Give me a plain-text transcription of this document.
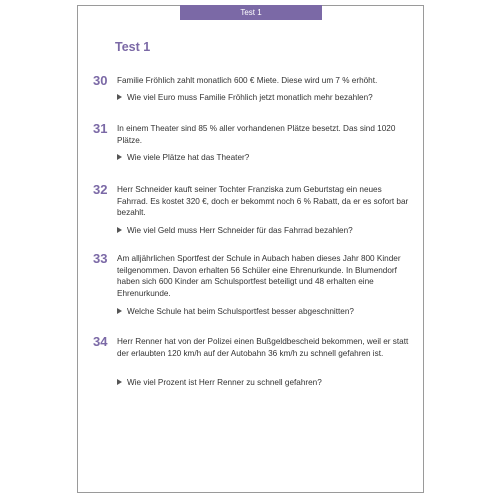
Test 1
Test 1
30 Familie Fröhlich zahlt monatlich 600 € Miete. Diese wird um 7 % erhöht.
Wie viel Euro muss Familie Fröhlich jetzt monatlich mehr bezahlen?
31 In einem Theater sind 85 % aller vorhandenen Plätze besetzt. Das sind 1020 Plätze.
Wie viele Plätze hat das Theater?
32 Herr Schneider kauft seiner Tochter Franziska zum Geburtstag ein neues Fahrrad. Es kostet 320 €, doch er bekommt noch 6 % Rabatt, da er es sofort bar bezahlt.
Wie viel Geld muss Herr Schneider für das Fahrrad bezahlen?
33 Am alljährlichen Sportfest der Schule in Aubach haben dieses Jahr 800 Kinder teilgenommen. Davon erhalten 56 Schüler eine Ehrenurkunde. In Blumendorf haben sich 600 Kinder am Schulsportfest beteiligt und 48 erhalten eine Ehrenurkunde.
Welche Schule hat beim Schulsportfest besser abgeschnitten?
34 Herr Renner hat von der Polizei einen Bußgeldbescheid bekommen, weil er statt der erlaubten 120 km/h auf der Autobahn 36 km/h zu schnell gefahren ist.
Wie viel Prozent ist Herr Renner zu schnell gefahren?
